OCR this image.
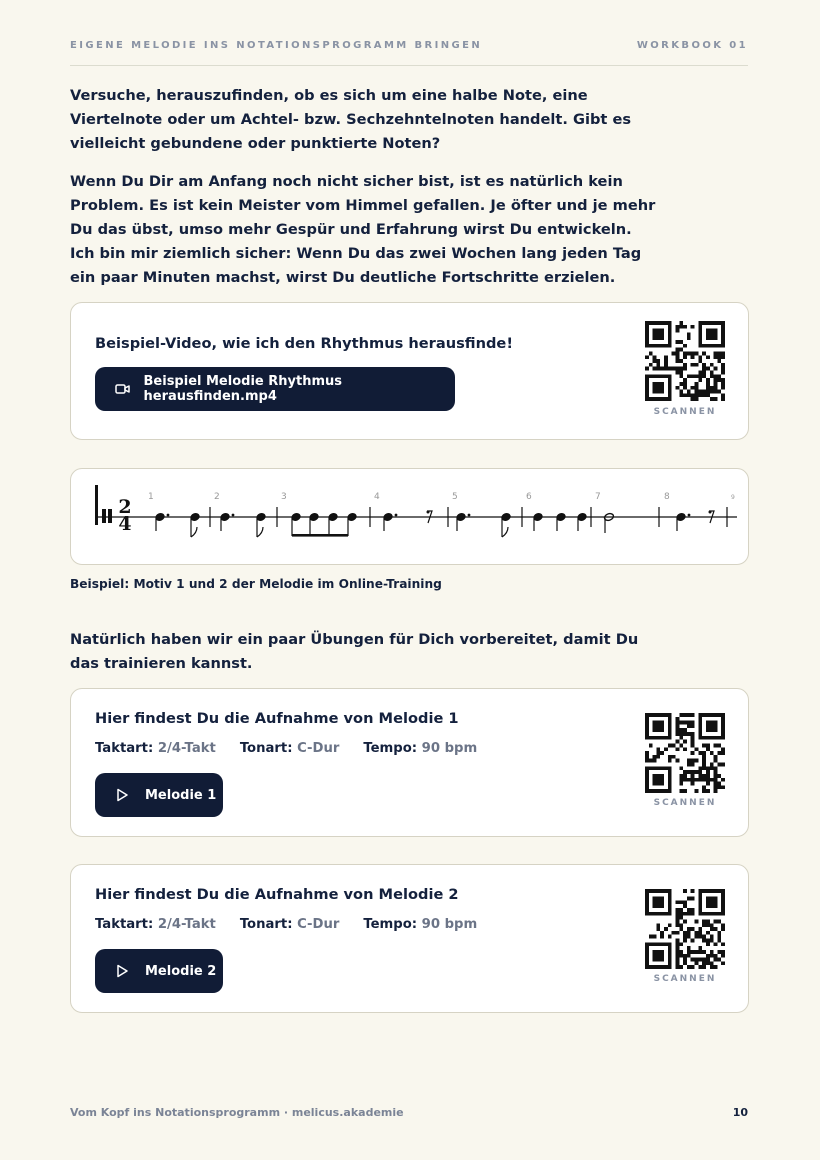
EIGENE MELODIE INS NOTATIONSPROGRAMM BRINGEN	WORKBOOK 01

Versuche, herauszufinden, ob es sich um eine halbe Note, eine Viertelnote oder um Achtel- bzw. Sechzehntelnoten handelt. Gibt es vielleicht gebundene oder punktierte Noten?

Wenn Du Dir am Anfang noch nicht sicher bist, ist es natürlich kein Problem. Es ist kein Meister vom Himmel gefallen. Je öfter und je mehr Du das übst, umso mehr Gespür und Erfahrung wirst Du entwickeln. Ich bin mir ziemlich sicher: Wenn Du das zwei Wochen lang jeden Tag ein paar Minuten machst, wirst Du deutliche Fortschritte erzielen.

Beispiel-Video, wie ich den Rhythmus herausfinde!
Beispiel Melodie Rhythmus herausfinden.mp4
SCANNEN
2
4
1	2	3	4	5	6	7	8	9
Beispiel: Motiv 1 und 2 der Melodie im Online-Training

Natürlich haben wir ein paar Übungen für Dich vorbereitet, damit Du das trainieren kannst.

Hier findest Du die Aufnahme von Melodie 1
Taktart: 2/4-Takt Tonart: C-Dur Tempo: 90 bpm
Melodie 1
SCANNEN
Hier findest Du die Aufnahme von Melodie 2
Taktart: 2/4-Takt Tonart: C-Dur Tempo: 90 bpm
Melodie 2
SCANNEN
Vom Kopf ins Notationsprogramm · melicus.akademie	10
